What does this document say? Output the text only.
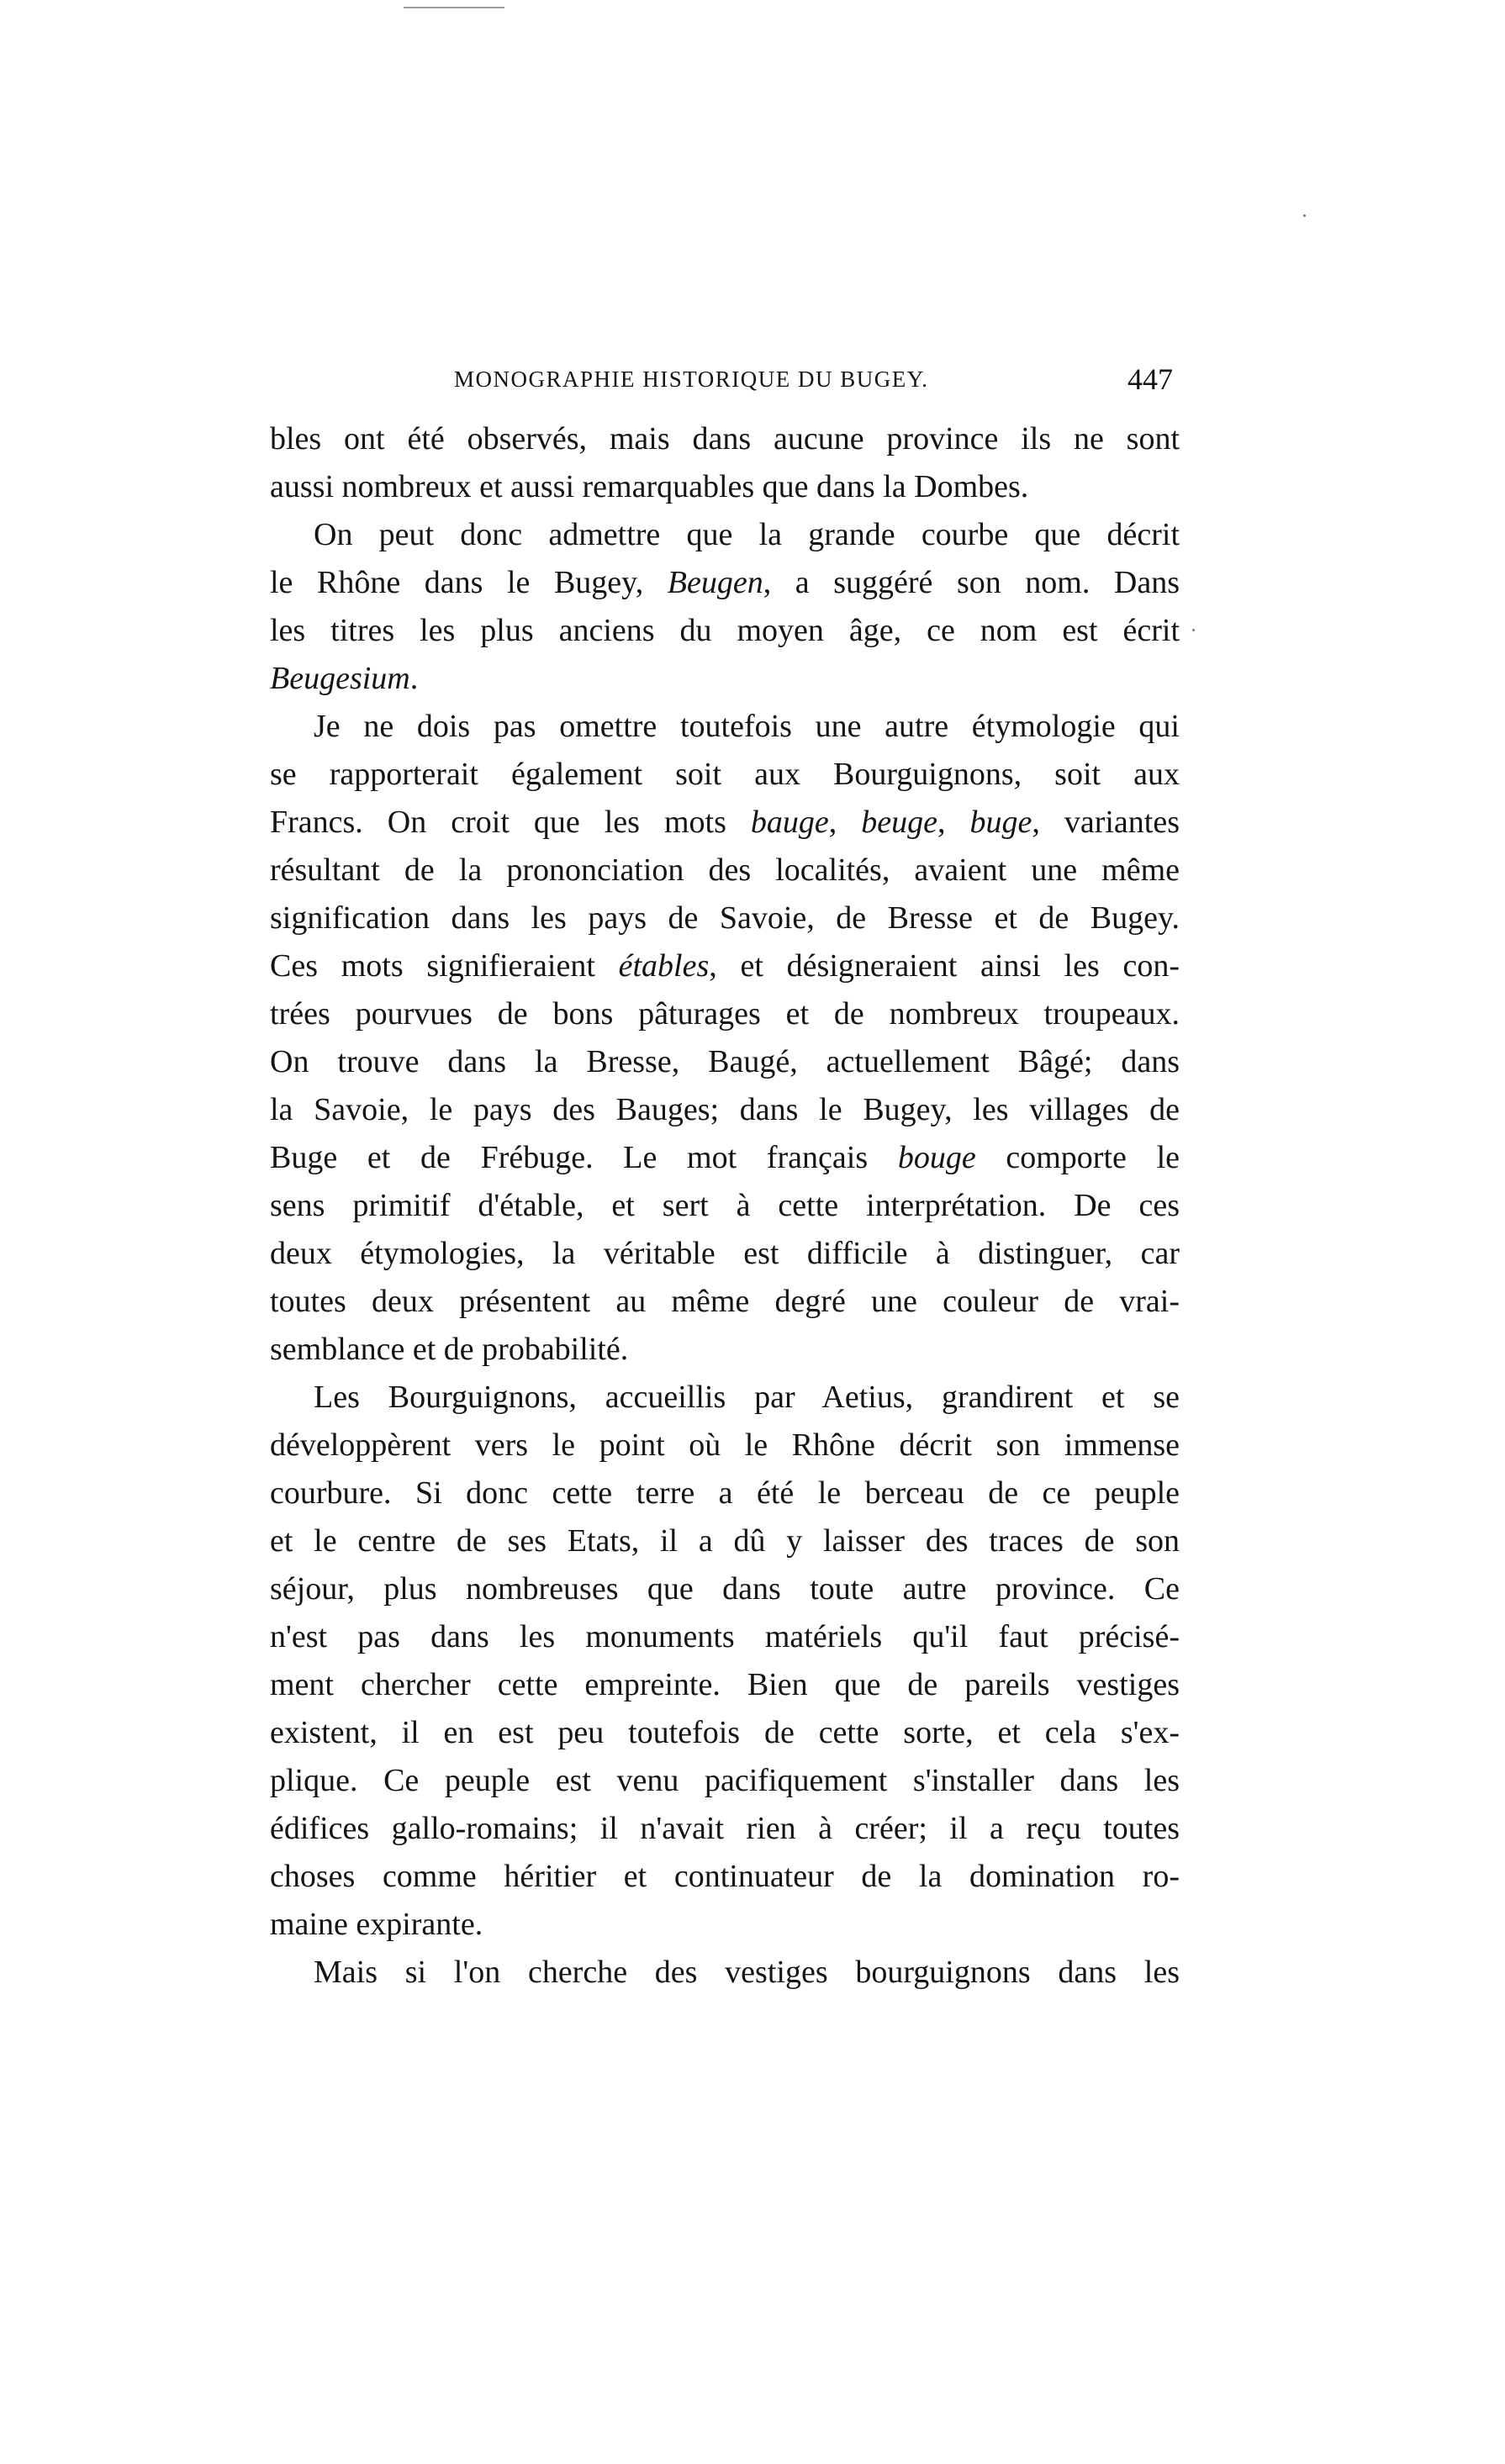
MONOGRAPHIE HISTORIQUE DU BUGEY.	447
bles ont été observés, mais dans aucune province ils ne sont
aussi nombreux et aussi remarquables que dans la Dombes.
On peut donc admettre que la grande courbe que décrit
le Rhône dans le Bugey, Beugen, a suggéré son nom. Dans
les titres les plus anciens du moyen âge, ce nom est écrit
Beugesium.
Je ne dois pas omettre toutefois une autre étymologie qui
se rapporterait également soit aux Bourguignons, soit aux
Francs. On croit que les mots bauge, beuge, buge, variantes
résultant de la prononciation des localités, avaient une même
signification dans les pays de Savoie, de Bresse et de Bugey.
Ces mots signifieraient étables, et désigneraient ainsi les con-
trées pourvues de bons pâturages et de nombreux troupeaux.
On trouve dans la Bresse, Baugé, actuellement Bâgé; dans
la Savoie, le pays des Bauges; dans le Bugey, les villages de
Buge et de Frébuge. Le mot français bouge comporte le
sens primitif d'étable, et sert à cette interprétation. De ces
deux étymologies, la véritable est difficile à distinguer, car
toutes deux présentent au même degré une couleur de vrai-
semblance et de probabilité.
Les Bourguignons, accueillis par Aetius, grandirent et se
développèrent vers le point où le Rhône décrit son immense
courbure. Si donc cette terre a été le berceau de ce peuple
et le centre de ses Etats, il a dû y laisser des traces de son
séjour, plus nombreuses que dans toute autre province. Ce
n'est pas dans les monuments matériels qu'il faut précisé-
ment chercher cette empreinte. Bien que de pareils vestiges
existent, il en est peu toutefois de cette sorte, et cela s'ex-
plique. Ce peuple est venu pacifiquement s'installer dans les
édifices gallo-romains; il n'avait rien à créer; il a reçu toutes
choses comme héritier et continuateur de la domination ro-
maine expirante.
Mais si l'on cherche des vestiges bourguignons dans les
